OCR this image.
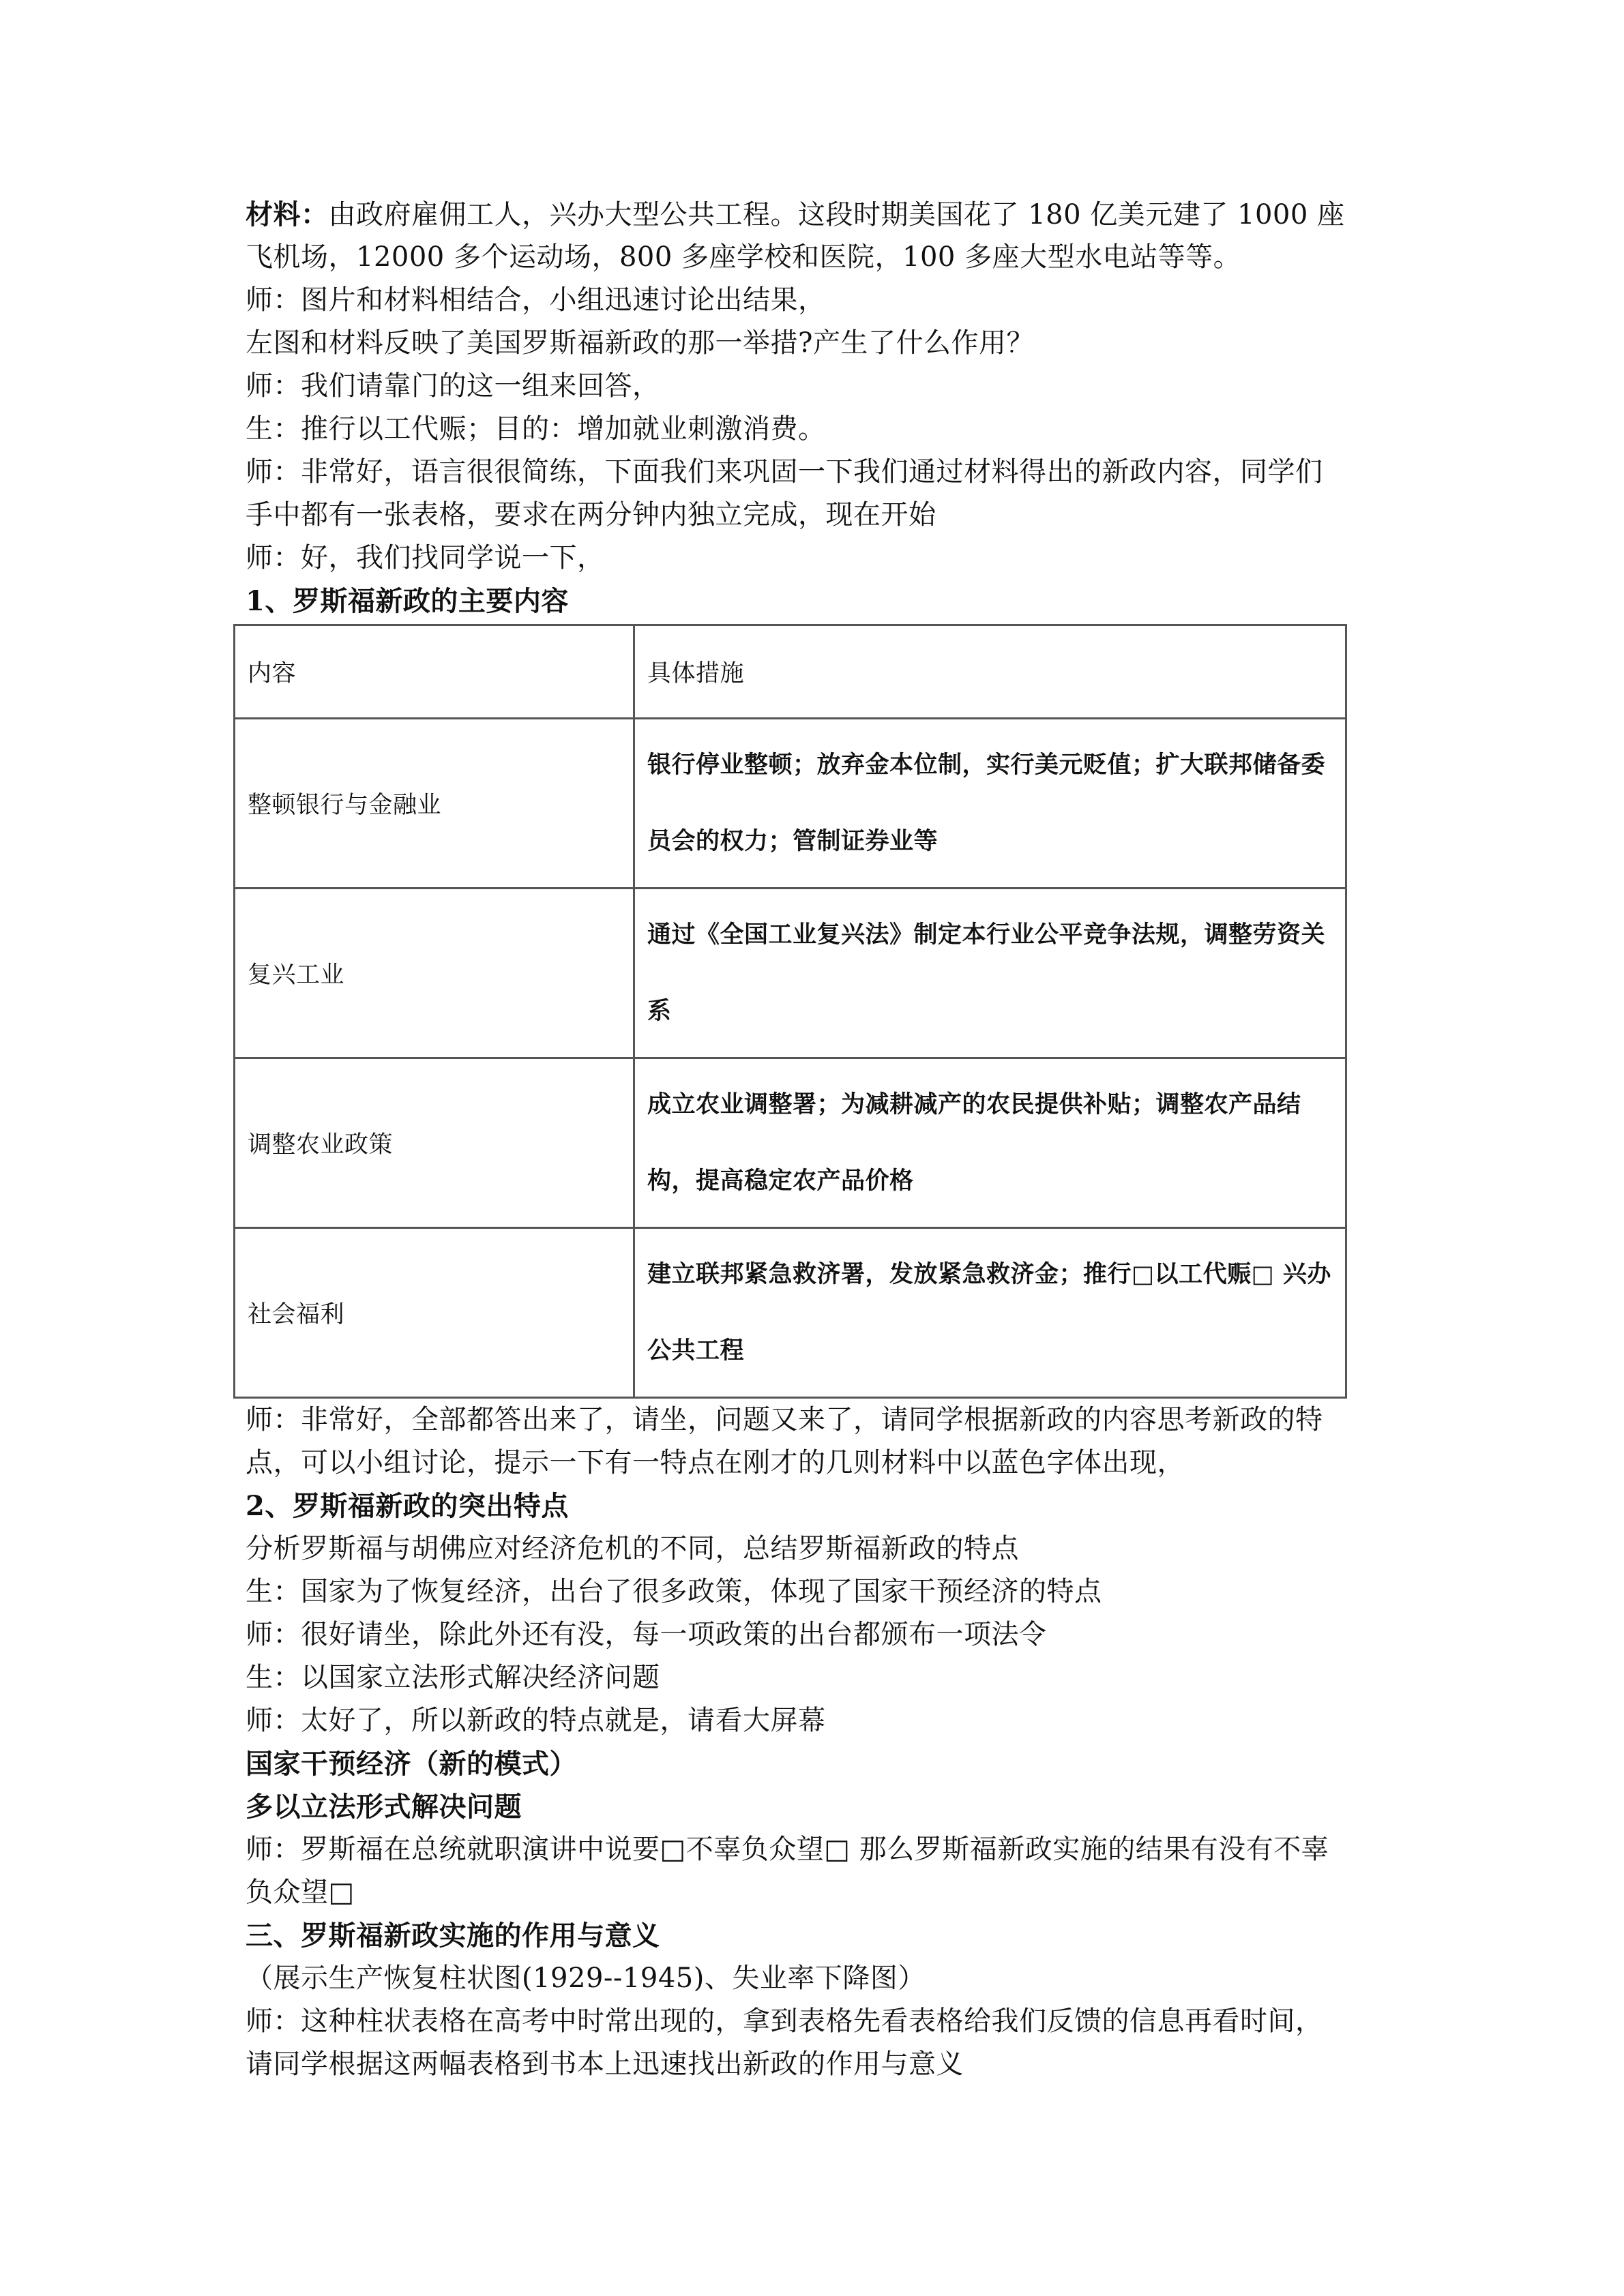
材料：由政府雇佣工人，兴办大型公共工程。这段时期美国花了 180 亿美元建了 1000 座
飞机场，12000 多个运动场，800 多座学校和医院，100 多座大型水电站等等。
师：图片和材料相结合，小组迅速讨论出结果，
左图和材料反映了美国罗斯福新政的那一举措?产生了什么作用？
师：我们请靠门的这一组来回答，
生：推行以工代赈；目的：增加就业刺激消费。
师：非常好，语言很很简练，下面我们来巩固一下我们通过材料得出的新政内容，同学们
手中都有一张表格，要求在两分钟内独立完成，现在开始
师：好，我们找同学说一下，
1、罗斯福新政的主要内容
内容	具体措施
整顿银行与金融业	银行停业整顿；放弃金本位制，实行美元贬值；扩大联邦储备委
员会的权力；管制证券业等

复兴工业	通过《全国工业复兴法》制定本行业公平竞争法规，调整劳资关
系

调整农业政策	成立农业调整署；为减耕减产的农民提供补贴；调整农产品结
构，提高稳定农产品价格

社会福利	建立联邦紧急救济署，发放紧急救济金；推行□以工代赈□ 兴办
公共工程
师：非常好，全部都答出来了，请坐，问题又来了，请同学根据新政的内容思考新政的特
点，可以小组讨论，提示一下有一特点在刚才的几则材料中以蓝色字体出现，
2、罗斯福新政的突出特点
分析罗斯福与胡佛应对经济危机的不同，总结罗斯福新政的特点
生：国家为了恢复经济，出台了很多政策，体现了国家干预经济的特点
师：很好请坐，除此外还有没，每一项政策的出台都颁布一项法令
生：以国家立法形式解决经济问题
师：太好了，所以新政的特点就是，请看大屏幕
国家干预经济（新的模式）
多以立法形式解决问题
师：罗斯福在总统就职演讲中说要□不辜负众望□ 那么罗斯福新政实施的结果有没有不辜
负众望□
三、罗斯福新政实施的作用与意义
（展示生产恢复柱状图(1929--1945)、失业率下降图）
师：这种柱状表格在高考中时常出现的，拿到表格先看表格给我们反馈的信息再看时间，
请同学根据这两幅表格到书本上迅速找出新政的作用与意义
